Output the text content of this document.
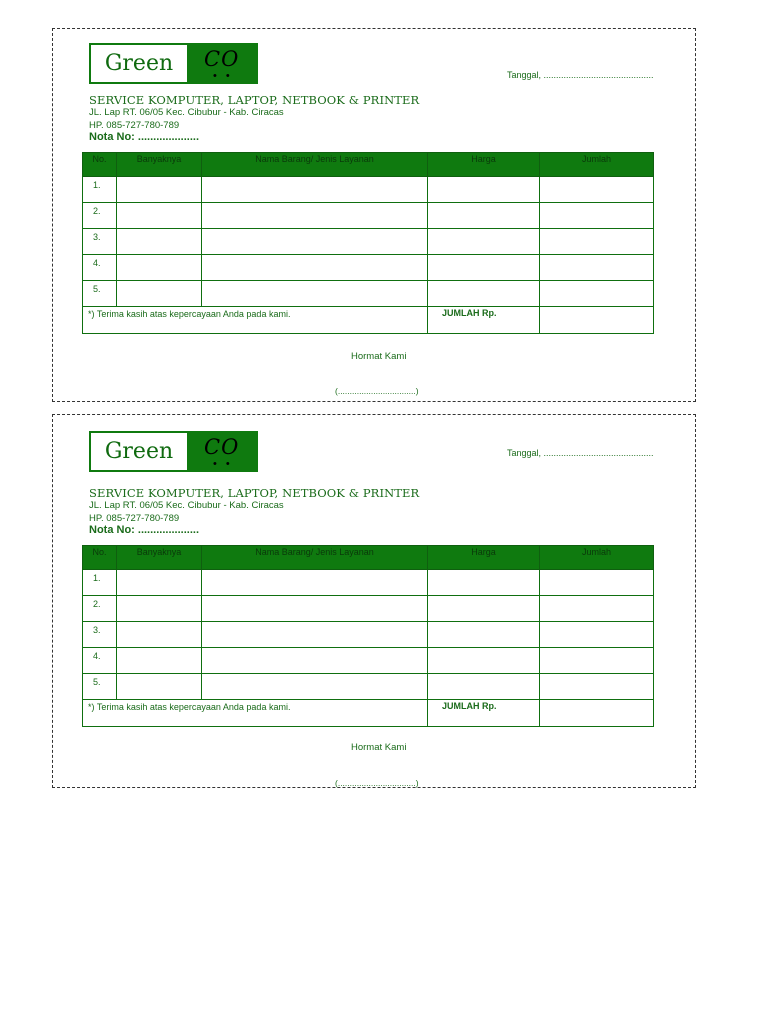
Green	CO
• •	Tanggal, ............................................
SERVICE KOMPUTER, LAPTOP, NETBOOK & PRINTER
JL. Lap RT. 06/05 Kec. Cibubur - Kab. Ciracas
HP. 085-727-780-789
Nota No: ....................
No.	Banyaknya	Nama Barang/ Jenis Layanan	Harga	Jumlah
1.				
2.				
3.				
4.				
5.				
*) Terima kasih atas kepercayaan Anda pada kami.			JUMLAH Rp.	
Hormat Kami
(.................................)
Green	CO
• •
Tanggal, ............................................
SERVICE KOMPUTER, LAPTOP, NETBOOK & PRINTER
JL. Lap RT. 06/05 Kec. Cibubur - Kab. Ciracas
HP. 085-727-780-789
Nota No: ....................
No.	Banyaknya	Nama Barang/ Jenis Layanan	Harga	Jumlah
1.				
2.				
3.				
4.				
5.				
*) Terima kasih atas kepercayaan Anda pada kami.			JUMLAH Rp.	
Hormat Kami
(.................................)
